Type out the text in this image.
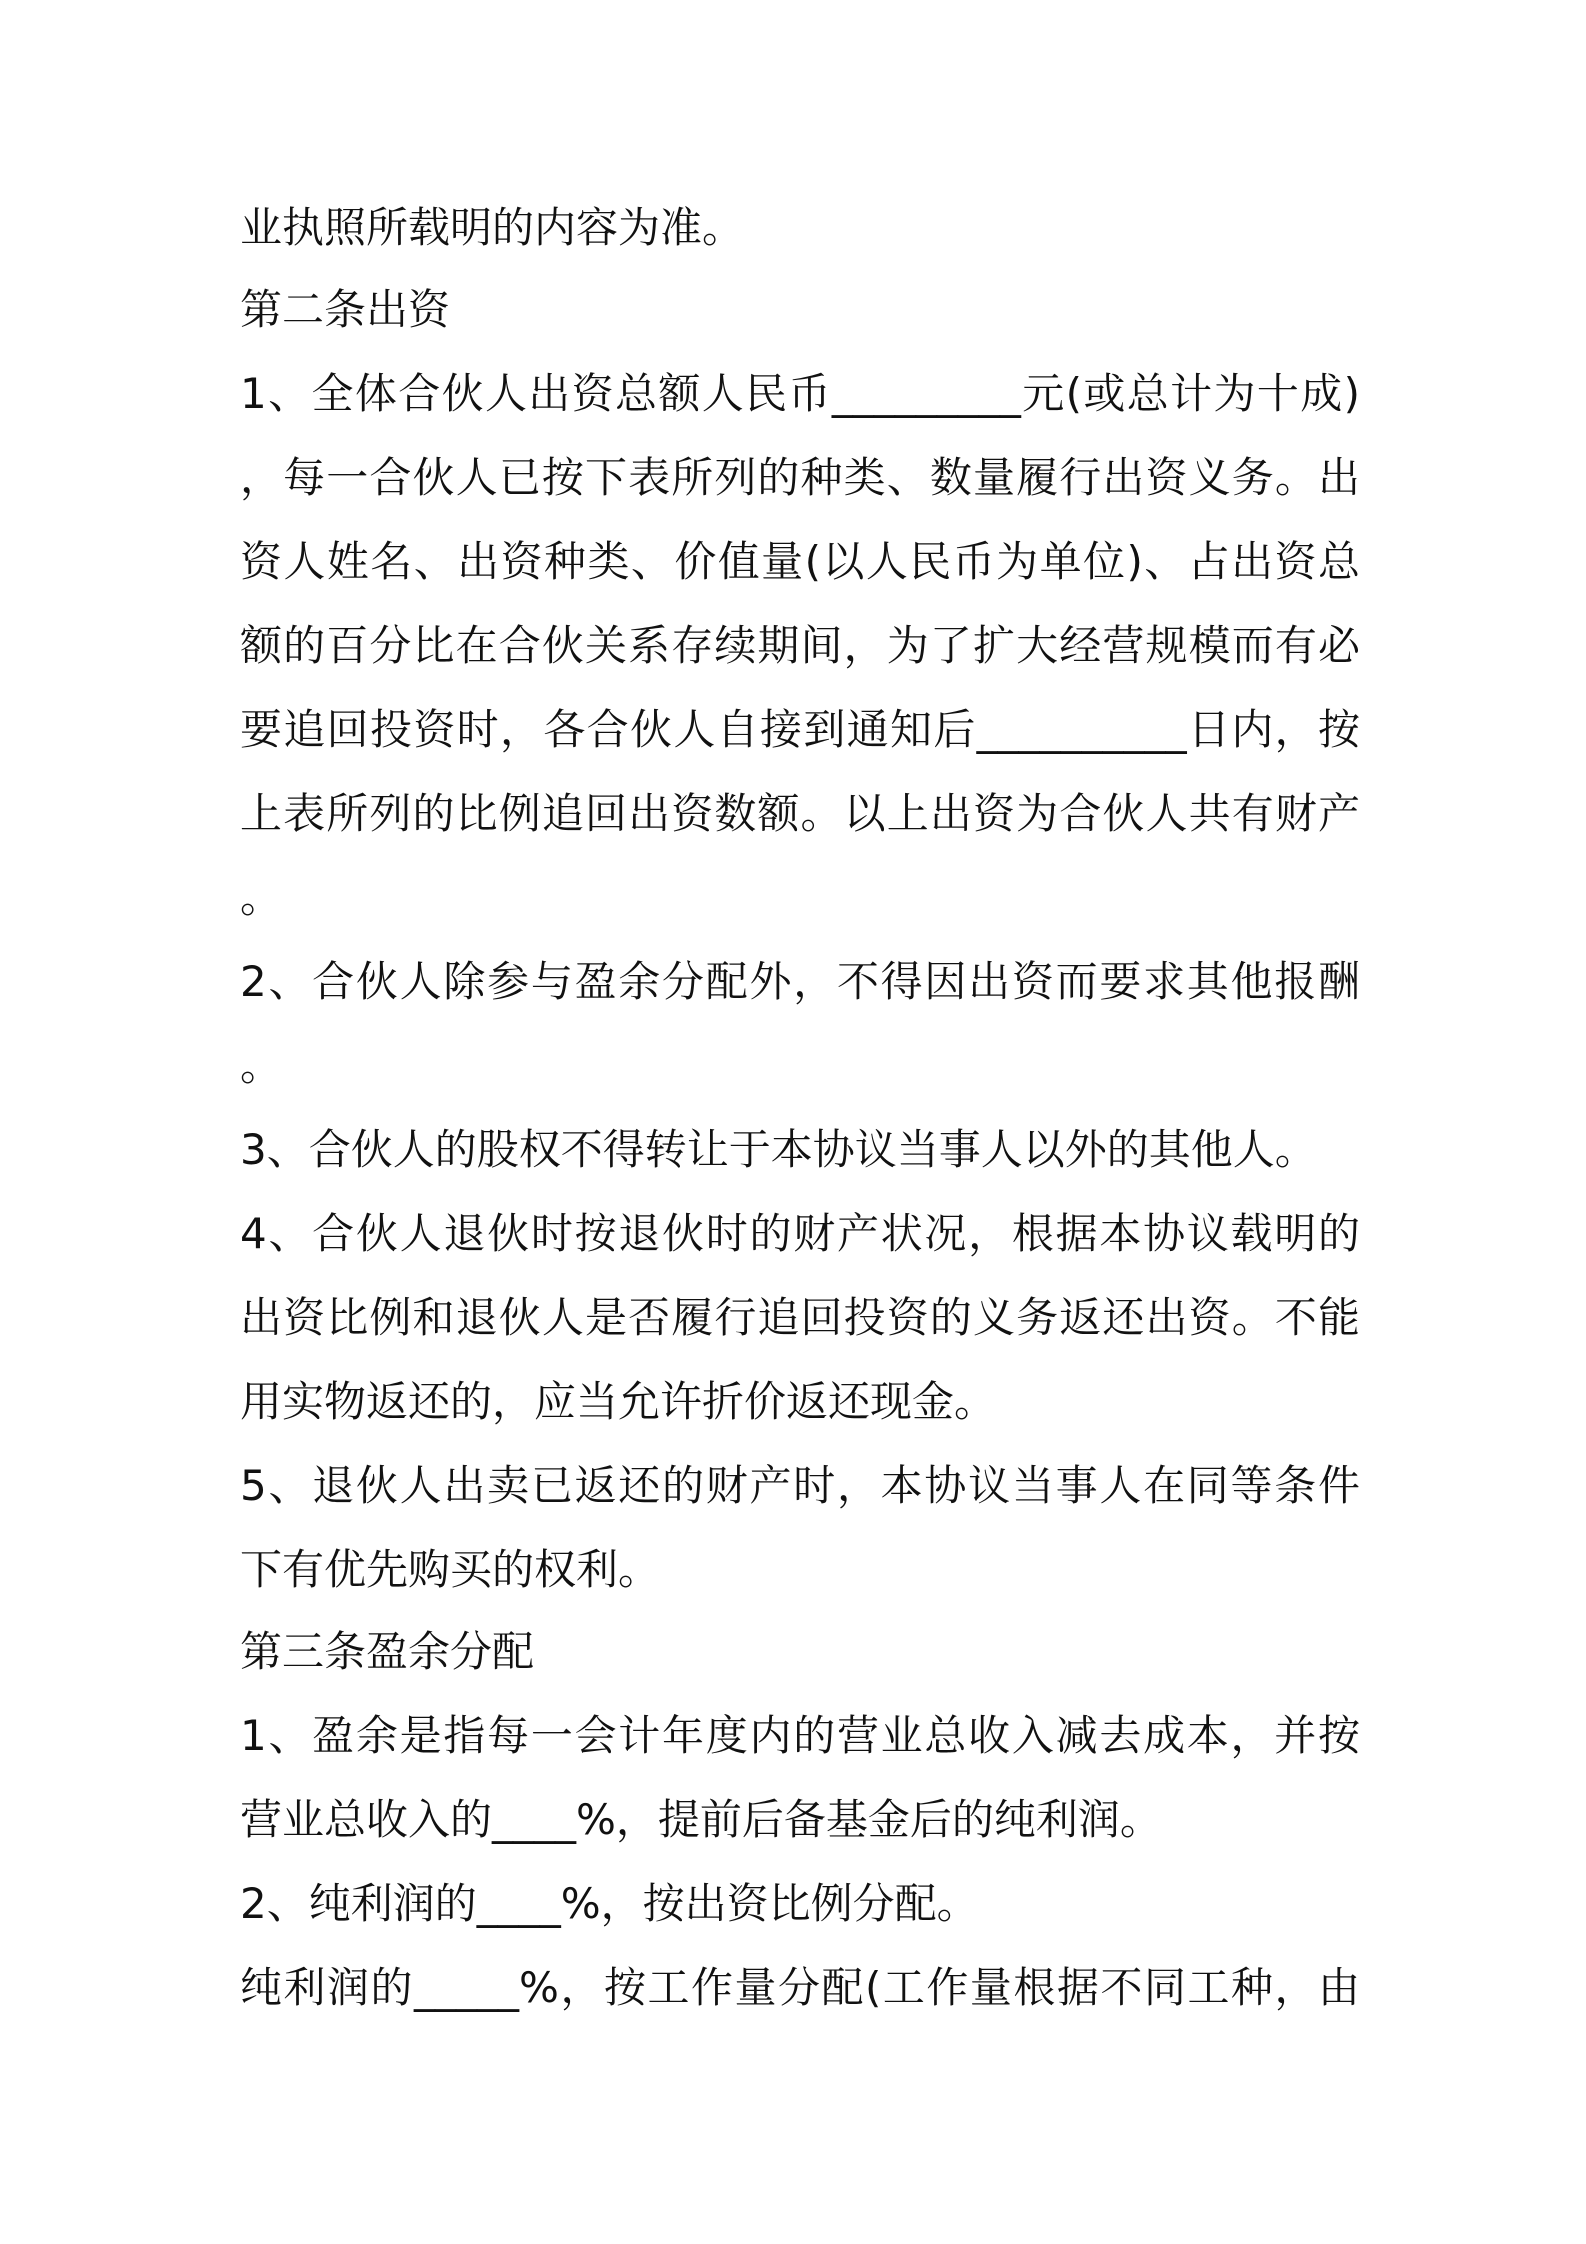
业执照所载明的内容为准。
第二条出资
1、全体合伙人出资总额人民币_________元(或总计为十成)
，每一合伙人已按下表所列的种类、数量履行出资义务。出
资人姓名、出资种类、价值量(以人民币为单位)、占出资总
额的百分比在合伙关系存续期间，为了扩大经营规模而有必
要追回投资时，各合伙人自接到通知后__________日内，按
上表所列的比例追回出资数额。以上出资为合伙人共有财产
。
2、合伙人除参与盈余分配外，不得因出资而要求其他报酬
。
3、合伙人的股权不得转让于本协议当事人以外的其他人。
4、合伙人退伙时按退伙时的财产状况，根据本协议载明的
出资比例和退伙人是否履行追回投资的义务返还出资。不能
用实物返还的，应当允许折价返还现金。
5、退伙人出卖已返还的财产时，本协议当事人在同等条件
下有优先购买的权利。
第三条盈余分配
1、盈余是指每一会计年度内的营业总收入减去成本，并按
营业总收入的____%，提前后备基金后的纯利润。
2、纯利润的____%，按出资比例分配。
纯利润的_____%，按工作量分配(工作量根据不同工种，由
